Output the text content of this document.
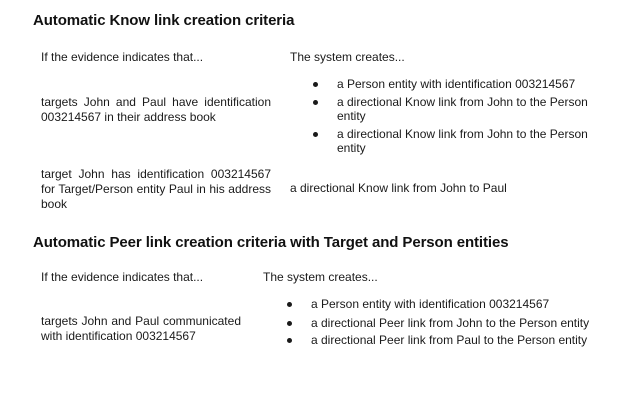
Automatic Know link creation criteria
If the evidence indicates that...	The system creates...
targets John and Paul have identification 003214567 in their address book
a Person entity with identification 003214567
a directional Know link from John to the Person entity
a directional Know link from John to the Person entity
target John has identification 003214567 for Target/Person entity Paul in his address book
a directional Know link from John to Paul
Automatic Peer link creation criteria with Target and Person entities
If the evidence indicates that...	The system creates...
targets John and Paul communicated with identification 003214567
a Person entity with identification 003214567
a directional Peer link from John to the Person entity
a directional Peer link from Paul to the Person entity
